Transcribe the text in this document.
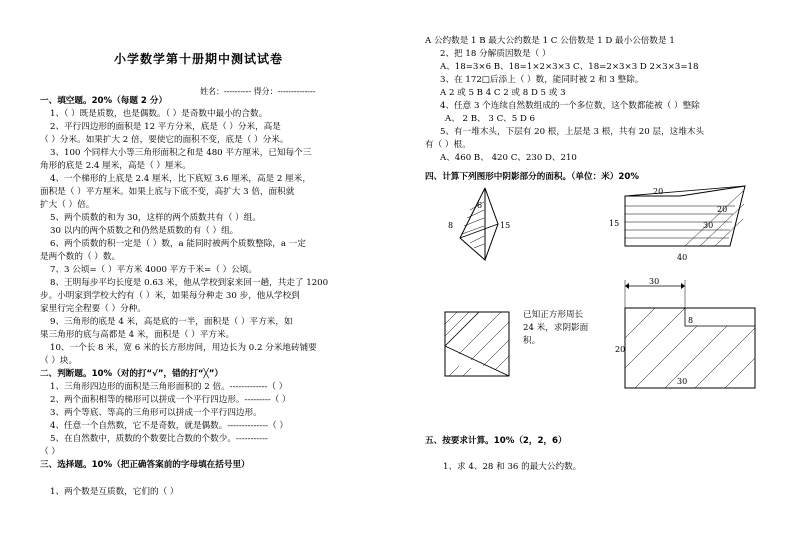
小学数学第十册期中测试试卷
姓名：---------- 得分：--------------
一、填空题。20%（每题 2 分）
1、（ ）既是质数，也是偶数。（ ）是奇数中最小的合数。
2、平行四边形的面积是 12 平方分米，底是（ ）分米，高是
（ ）分米。如果扩大 2 倍，要使它的面积不变，底是（ ）分米。
3、100 个同样大小等三角形面积之和是 480 平方厘米，已知每个三
角形的底是 2.4 厘米，高是（ ）厘米。
4、一个梯形的上底是 2.4 厘米，比下底短 3.6 厘米，高是 2 厘米，
面积是（ ）平方厘米。如果上底与下底不变，高扩大 3 倍，面积就
扩大（ ）倍。
5、两个质数的和为 30，这样的两个质数共有（ ）组。
30 以内的两个质数之和仍然是质数的有（ ）组。
6、两个质数的积一定是（ ）数，a 能同时被两个质数整除，a 一定
是两个数的（ ）数。
7、3 公顷=（ ）平方米 4000 平方千米=（ ）公顷。
8、王明每步平均长度是 0.63 米，他从学校到家来回一趟，共走了 1200
步。小明家到学校大约有（ ）米，如果每分种走 30 步，他从学校到
家里行完全程要（ ）分种。
9、三角形的底是 4 米，高是底的一半，面积是（ ）平方米，如
果三角形的底与高都是 4 米，面积是（ ）平方米。
10、一个长 8 米，宽 6 米的长方形房间，用边长为 0.2 分米地砖铺要
（ ）块。
二、判断题。10%（对的打“√”，错的打“╳”）
1、三角形四边形的面积是三角形面积的 2 倍。-------------（ ）
2、两个面积相等的梯形可以拼成一个平行四边形。---------（ ）
3、两个等底、等高的三角形可以拼成一个平行四边形。
4、任意一个自然数，它不是奇数，就是偶数。--------------（ ）
5、在自然数中，质数的个数要比合数的个数少。-----------
（ ）
三、选择题。10%（把正确答案前的字母填在括号里）
1、两个数是互质数，它们的（ ）
A 公约数是 1 B 最大公约数是 1 C 公倍数是 1 D 最小公倍数是 1
2、把 18 分解质因数是（ ）
A、18=3×6 B、18=1×2×3×3 C、18=2×3×3 D 2×3×3=18
3、在 172□后添上（ ）数，能同时被 2 和 3 整除。
A 2 或 5 B 4 C 2 或 8 D 5 或 3
4、任意 3 个连续自然数组成的一个多位数，这个数都能被（ ）整除
A、 2 B、 3 C、5 D 6
5、有一堆木头，下层有 20 根，上层是 3 根，共有 20 层，这堆木头
有（ ）根。
A、460 B、 420 C、230 D、210
四、计算下列图形中阴影部分的面积。（单位：米）20%
五、按要求计算。10%（2，2，6）
1、求 4、28 和 36 的最大公约数。
8
6
15
20
20
30
15
40
已知正方形周长
24 米，求阴影面
积。
30
20
8
30
